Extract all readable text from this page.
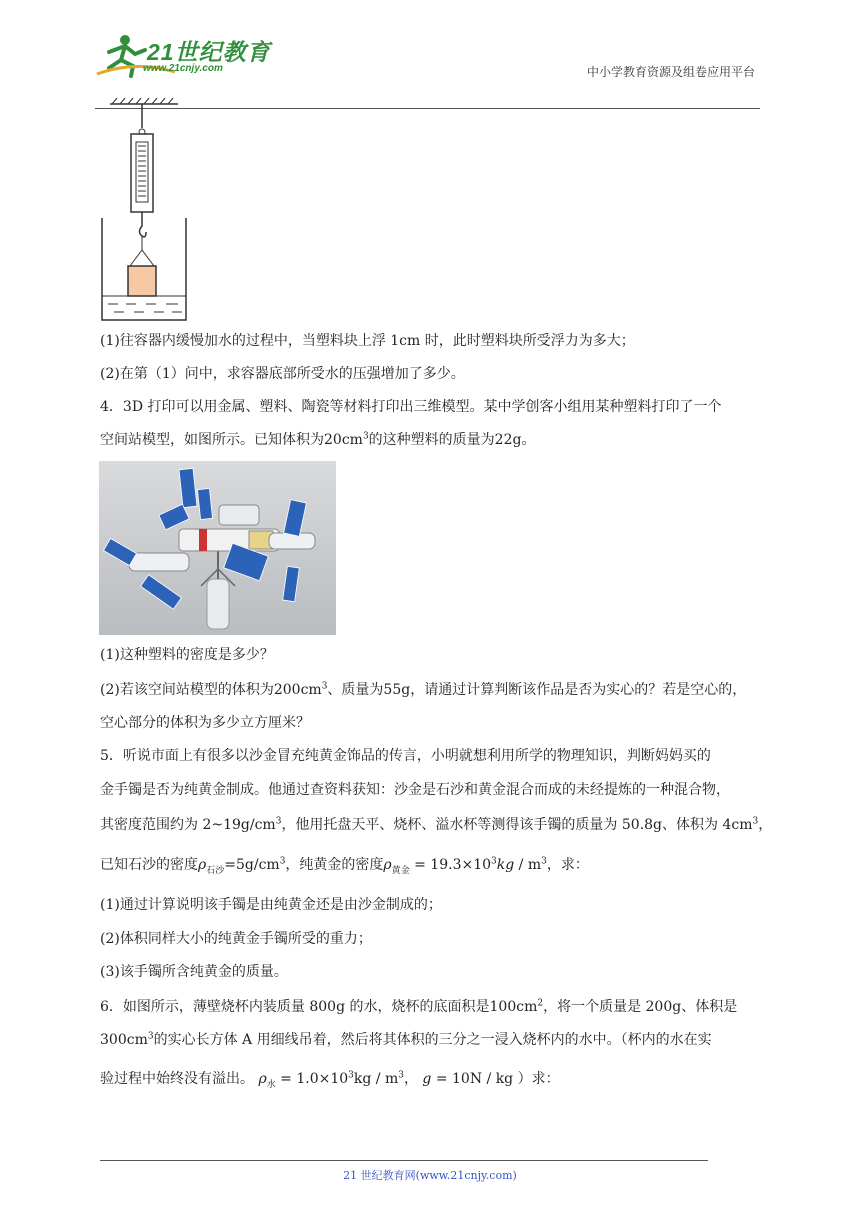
21世纪教育
www.21cnjy.com	中小学教育资源及组卷应用平台
(1)往容器内缓慢加水的过程中，当塑料块上浮 1cm 时，此时塑料块所受浮力为多大；
(2)在第（1）问中，求容器底部所受水的压强增加了多少。
4．3D 打印可以用金属、塑料、陶瓷等材料打印出三维模型。某中学创客小组用某种塑料打印了一个
空间站模型，如图所示。已知体积为$20cm^3$的这种塑料的质量为22g。
(1)这种塑料的密度是多少？
(2)若该空间站模型的体积为$200cm^3$、质量为55g，请通过计算判断该作品是否为实心的？若是空心的，
空心部分的体积为多少立方厘米？
5．听说市面上有很多以沙金冒充纯黄金饰品的传言，小明就想利用所学的物理知识，判断妈妈买的
金手镯是否为纯黄金制成。他通过查资料获知：沙金是石沙和黄金混合而成的未经提炼的一种混合物，
其密度范围约为 $2\sim 19g/cm^3$，他用托盘天平、烧杯、溢水杯等测得该手镯的质量为 50.8g、体积为 $4cm^3$，
已知石沙的密度$\rho_{石沙}=5g/cm^3$，纯黄金的密度$\rho_{黄金} = 19.3\times 10^3kg / m^3$，求：
(1)通过计算说明该手镯是由纯黄金还是由沙金制成的；
(2)体积同样大小的纯黄金手镯所受的重力；
(3)该手镯所含纯黄金的质量。
6．如图所示，薄壁烧杯内装质量 800g 的水，烧杯的底面积是$100cm^2$，将一个质量是 200g、体积是
$300cm^3$的实心长方体 A 用细线吊着，然后将其体积的三分之一浸入烧杯内的水中。（杯内的水在实
验过程中始终没有溢出。 $\rho_水 = 1.0\times 10^3kg / m^3$， g = 10N / kg ）求：
21 世纪教育网(www.21cnjy.com)
